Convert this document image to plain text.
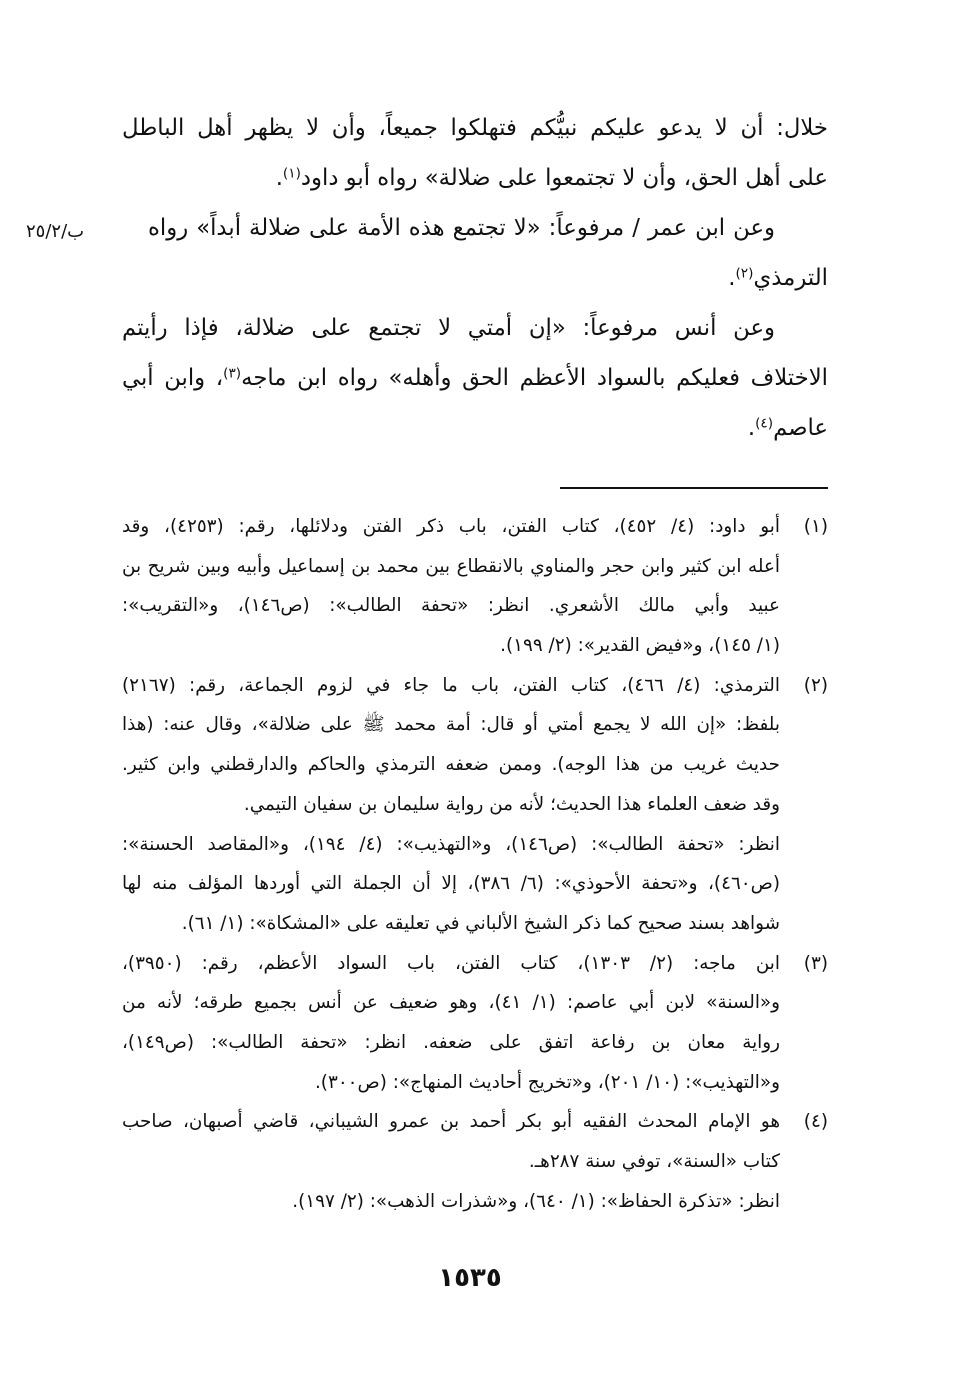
خلال: أن لا يدعو عليكم نبيُّكم فتهلكوا جميعاً، وأن لا يظهر أهل الباطل
على أهل الحق، وأن لا تجتمعوا على ضلالة» رواه أبو داود$^{(١)}$.
وعن ابن عمر / مرفوعاً: «لا تجتمع هذه الأمة على ضلالة أبداً» رواه
الترمذي$^{(٢)}$.
وعن أنس مرفوعاً: «إن أمتي لا تجتمع على ضلالة، فإذا رأيتم
الاختلاف فعليكم بالسواد الأعظم الحق وأهله» رواه ابن ماجه$^{(٣)}$، وابن أبي
عاصم$^{(٤)}$.
ب/٢٥/٢
(١)
أبو داود: (٤/ ٤٥٢)، كتاب الفتن، باب ذكر الفتن ودلائلها، رقم: (٤٢٥٣)، وقد
أعله ابن كثير وابن حجر والمناوي بالانقطاع بين محمد بن إسماعيل وأبيه وبين شريح بن
عبيد وأبي مالك الأشعري. انظر: «تحفة الطالب»: (ص١٤٦)، و«التقريب»:
(١/ ١٤٥)، و«فيض القدير»: (٢/ ١٩٩).
(٢)
الترمذي: (٤/ ٤٦٦)، كتاب الفتن، باب ما جاء في لزوم الجماعة، رقم: (٢١٦٧)
بلفظ: «إن الله لا يجمع أمتي أو قال: أمة محمد ﷺ على ضلالة»، وقال عنه: (هذا
حديث غريب من هذا الوجه). وممن ضعفه الترمذي والحاكم والدارقطني وابن كثير.
وقد ضعف العلماء هذا الحديث؛ لأنه من رواية سليمان بن سفيان التيمي.
انظر: «تحفة الطالب»: (ص١٤٦)، و«التهذيب»: (٤/ ١٩٤)، و«المقاصد الحسنة»:
(ص٤٦٠)، و«تحفة الأحوذي»: (٦/ ٣٨٦)، إلا أن الجملة التي أوردها المؤلف منه لها
شواهد بسند صحيح كما ذكر الشيخ الألباني في تعليقه على «المشكاة»: (١/ ٦١).
(٣)
ابن ماجه: (٢/ ١٣٠٣)، كتاب الفتن، باب السواد الأعظم، رقم: (٣٩٥٠)،
و«السنة» لابن أبي عاصم: (١/ ٤١)، وهو ضعيف عن أنس بجميع طرقه؛ لأنه من
رواية معان بن رفاعة اتفق على ضعفه. انظر: «تحفة الطالب»: (ص١٤٩)،
و«التهذيب»: (١٠/ ٢٠١)، و«تخريج أحاديث المنهاج»: (ص٣٠٠).
(٤)
هو الإمام المحدث الفقيه أبو بكر أحمد بن عمرو الشيباني، قاضي أصبهان، صاحب
كتاب «السنة»، توفي سنة ٢٨٧هـ.
انظر: «تذكرة الحفاظ»: (١/ ٦٤٠)، و«شذرات الذهب»: (٢/ ١٩٧).
١٥٣٥
